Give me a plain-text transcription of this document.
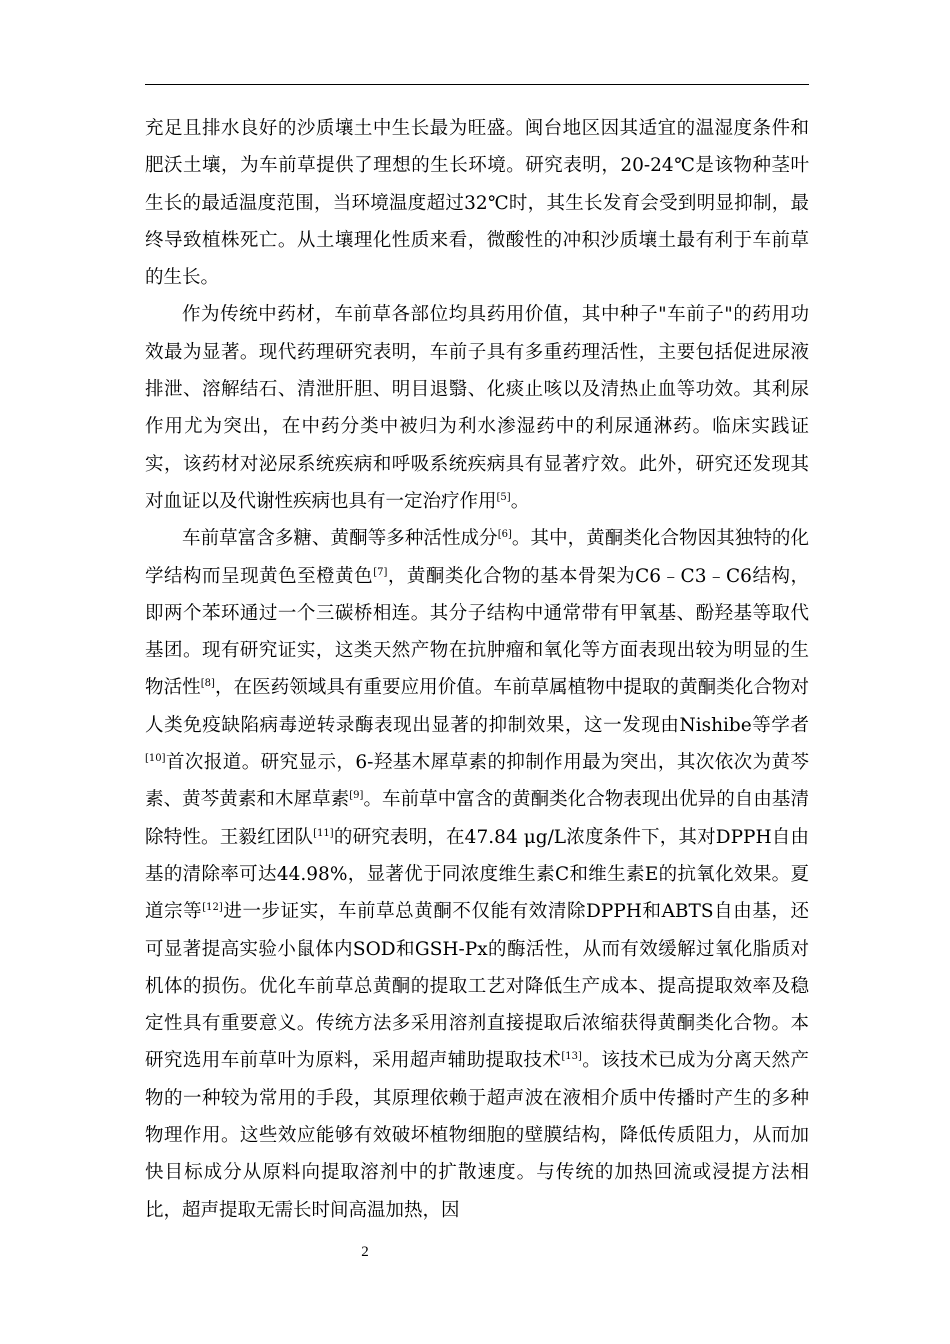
充足且排水良好的沙质壤土中生长最为旺盛。闽台地区因其适宜的温湿度条件和肥沃土壤，为车前草提供了理想的生长环境。研究表明，20-24℃是该物种茎叶生长的最适温度范围，当环境温度超过32℃时，其生长发育会受到明显抑制，最终导致植株死亡。从土壤理化性质来看，微酸性的冲积沙质壤土最有利于车前草的生长。

作为传统中药材，车前草各部位均具药用价值，其中种子"车前子"的药用功效最为显著。现代药理研究表明，车前子具有多重药理活性，主要包括促进尿液排泄、溶解结石、清泄肝胆、明目退翳、化痰止咳以及清热止血等功效。其利尿作用尤为突出，在中药分类中被归为利水渗湿药中的利尿通淋药。临床实践证实，该药材对泌尿系统疾病和呼吸系统疾病具有显著疗效。此外，研究还发现其对血证以及代谢性疾病也具有一定治疗作用[5]。

车前草富含多糖、黄酮等多种活性成分[6]。其中，黄酮类化合物因其独特的化学结构而呈现黄色至橙黄色[7]，黄酮类化合物的基本骨架为C6﹣C3﹣C6结构，即两个苯环通过一个三碳桥相连。其分子结构中通常带有甲氧基、酚羟基等取代基团。现有研究证实，这类天然产物在抗肿瘤和氧化等方面表现出较为明显的生物活性[8]，在医药领域具有重要应用价值。车前草属植物中提取的黄酮类化合物对人类免疫缺陷病毒逆转录酶表现出显著的抑制效果，这一发现由Nishibe等学者[10]首次报道。研究显示，6-羟基木犀草素的抑制作用最为突出，其次依次为黄芩素、黄芩黄素和木犀草素[9]。车前草中富含的黄酮类化合物表现出优异的自由基清除特性。王毅红团队[11]的研究表明，在47.84 μg/L浓度条件下，其对DPPH自由基的清除率可达44.98%，显著优于同浓度维生素C和维生素E的抗氧化效果。夏道宗等[12]进一步证实，车前草总黄酮不仅能有效清除DPPH和ABTS自由基，还可显著提高实验小鼠体内SOD和GSH-Px的酶活性，从而有效缓解过氧化脂质对机体的损伤。优化车前草总黄酮的提取工艺对降低生产成本、提高提取效率及稳定性具有重要意义。传统方法多采用溶剂直接提取后浓缩获得黄酮类化合物。本研究选用车前草叶为原料，采用超声辅助提取技术[13]。该技术已成为分离天然产物的一种较为常用的手段，其原理依赖于超声波在液相介质中传播时产生的多种物理作用。这些效应能够有效破坏植物细胞的壁膜结构，降低传质阻力，从而加快目标成分从原料向提取溶剂中的扩散速度。与传统的加热回流或浸提方法相比，超声提取无需长时间高温加热，因

2
